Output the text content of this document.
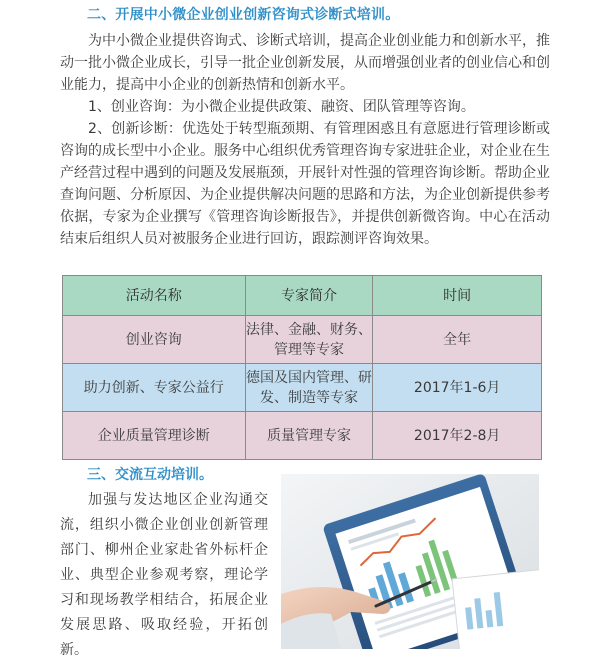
二、开展中小微企业创业创新咨询式诊断式培训。
为中小微企业提供咨询式、诊断式培训，提高企业创业能力和创新水平，推动一批小微企业成长，引导一批企业创新发展，从而增强创业者的创业信心和创业能力，提高中小企业的创新热情和创新水平。
1、创业咨询：为小微企业提供政策、融资、团队管理等咨询。
2、创新诊断：优选处于转型瓶颈期、有管理困惑且有意愿进行管理诊断或咨询的成长型中小企业。服务中心组织优秀管理咨询专家进驻企业，对企业在生产经营过程中遇到的问题及发展瓶颈，开展针对性强的管理咨询诊断。帮助企业查询问题、分析原因、为企业提供解决问题的思路和方法，为企业创新提供参考依据，专家为企业撰写《管理咨询诊断报告》，并提供创新微咨询。中心在活动结束后组织人员对被服务企业进行回访，跟踪测评咨询效果。
活动名称	专家简介	时间
创业咨询	法律、金融、财务、管理等专家	全年
助力创新、专家公益行	德国及国内管理、研发、制造等专家	2017年1-6月
企业质量管理诊断	质量管理专家	2017年2-8月
三、交流互动培训。
加强与发达地区企业沟通交流，组织小微企业创业创新管理部门、柳州企业家赴省外标杆企业、典型企业参观考察，理论学习和现场教学相结合，拓展企业发展思路、吸取经验，开拓创新。
